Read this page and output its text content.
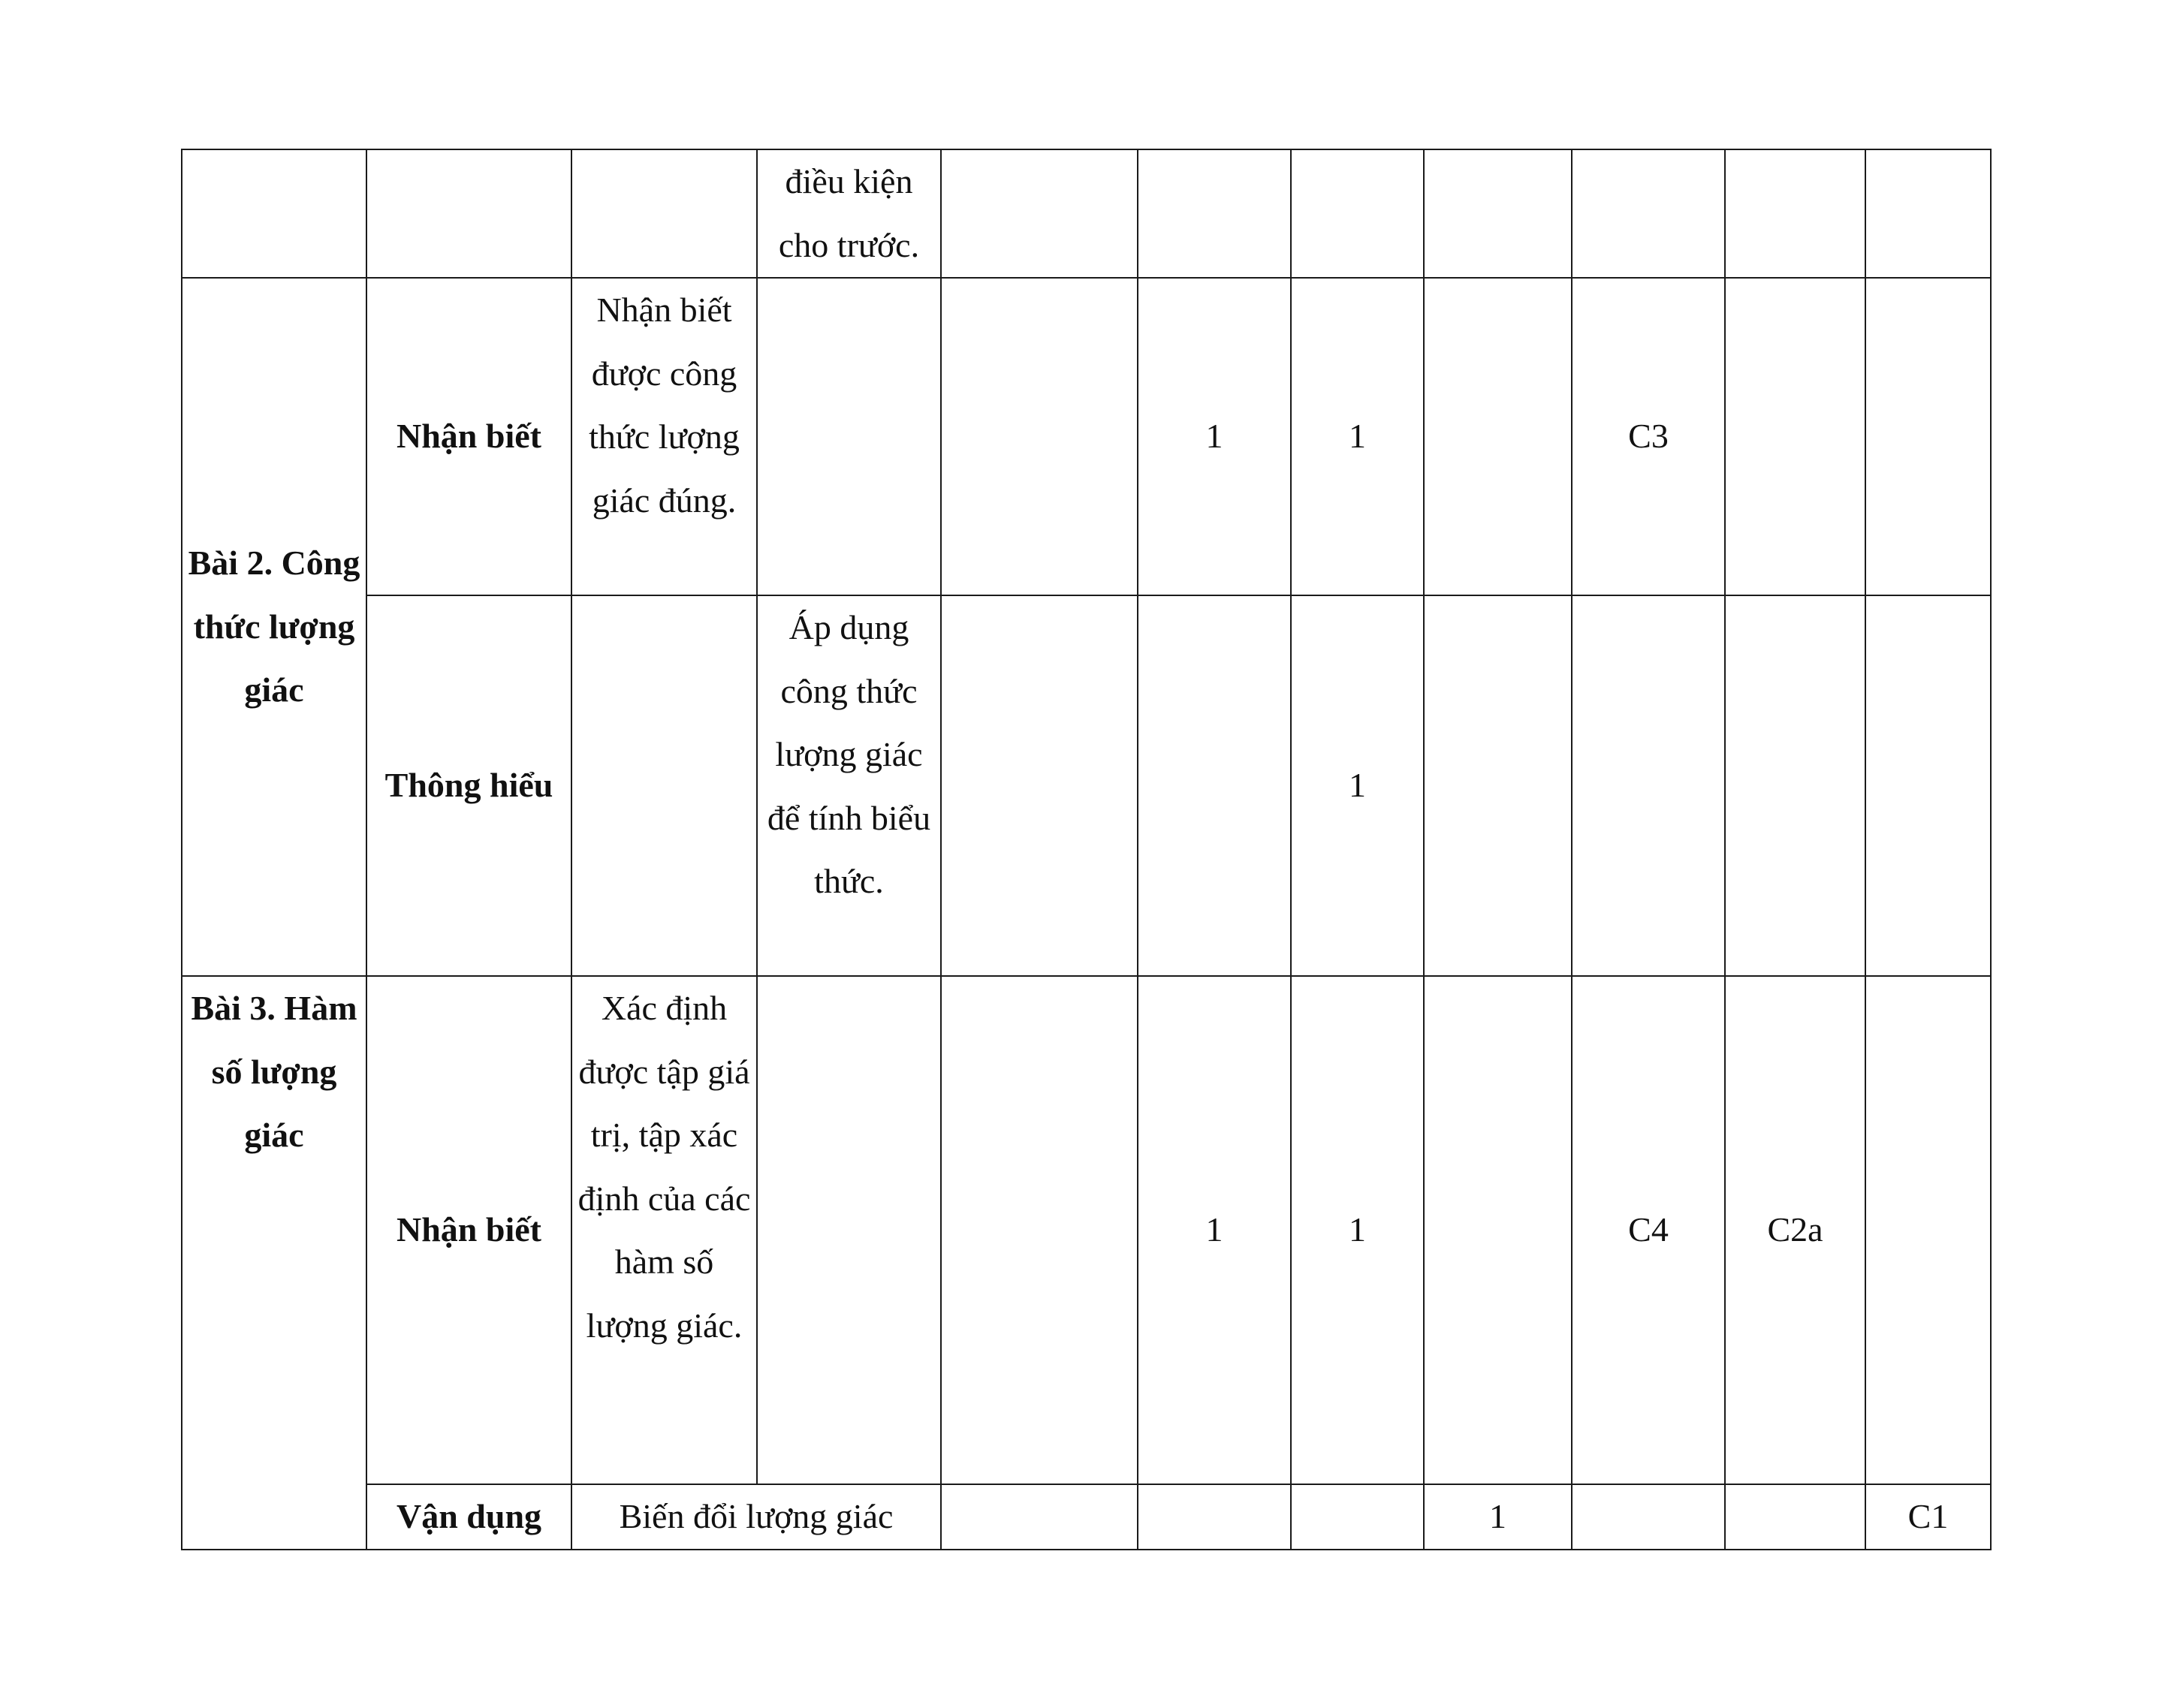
			điều kiện cho trước.							
Bài 2. Công thức lượng giác	Nhận biết	Nhận biết được công thức lượng giác đúng.			1	1		C3		
	Thông hiểu		Áp dụng công thức lượng giác để tính biểu thức.			1				
Bài 3. Hàm số lượng giác	Nhận biết	Xác định được tập giá trị, tập xác định của các hàm số lượng giác.			1	1		C4	C2a	
	Vận dụng	Biến đổi lượng giác					1			C1
